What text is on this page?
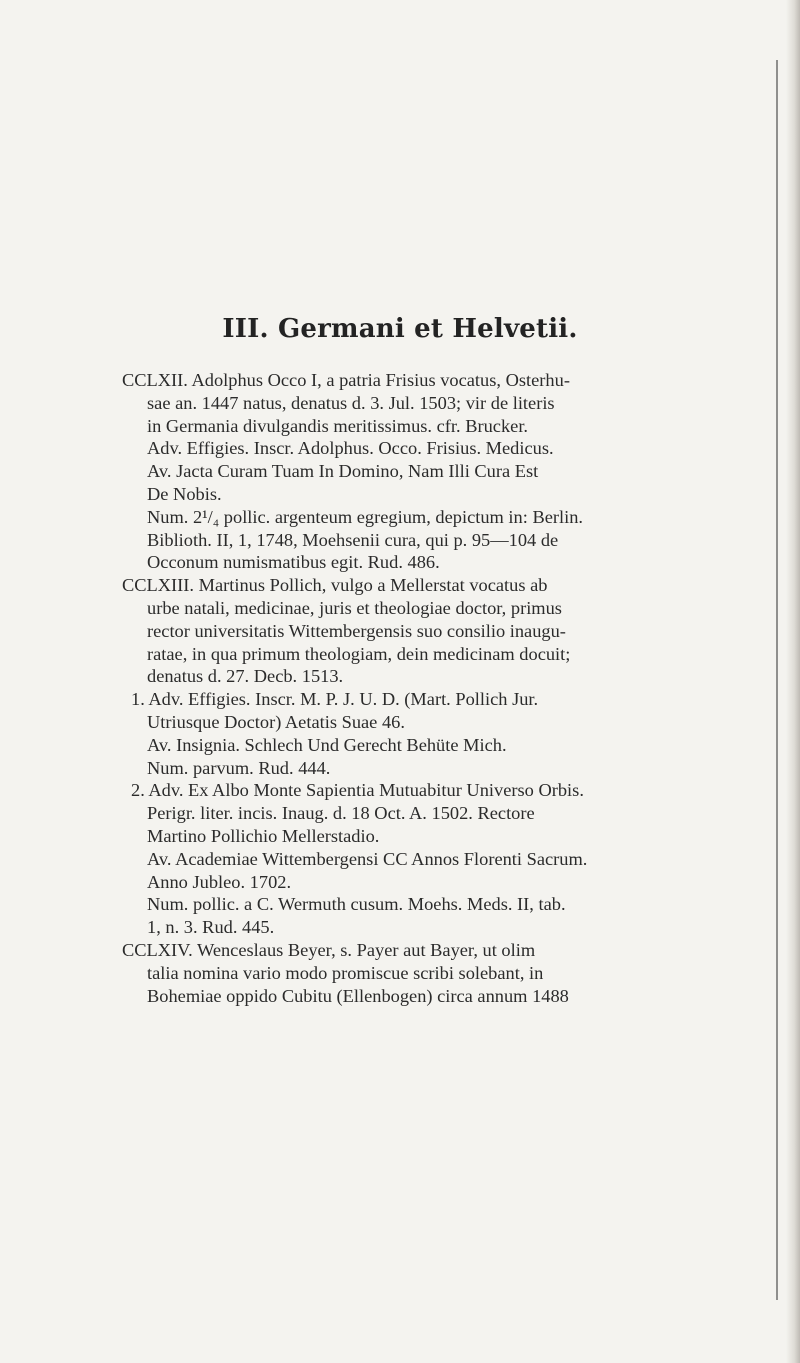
III. Germani et Helvetii.
CCLXII. Adolphus Occo I, a patria Frisius vocatus, Osterhu-
sae an. 1447 natus, denatus d. 3. Jul. 1503; vir de literis
in Germania divulgandis meritissimus. cfr. Brucker.
Adv. Effigies. Inscr. Adolphus. Occo. Frisius. Medicus.
Av. Jacta Curam Tuam In Domino, Nam Illi Cura Est
De Nobis.
Num. 2¹/₄ pollic. argenteum egregium, depictum in: Berlin.
Biblioth. II, 1, 1748, Moehsenii cura, qui p. 95—104 de
Occonum numismatibus egit. Rud. 486.
CCLXIII. Martinus Pollich, vulgo a Mellerstat vocatus ab
urbe natali, medicinae, juris et theologiae doctor, primus
rector universitatis Wittembergensis suo consilio inaugu-
ratae, in qua primum theologiam, dein medicinam docuit;
denatus d. 27. Decb. 1513.
1. Adv. Effigies. Inscr. M. P. J. U. D. (Mart. Pollich Jur.
Utriusque Doctor) Aetatis Suae 46.
Av. Insignia. Schlech Und Gerecht Behüte Mich.
Num. parvum. Rud. 444.
2. Adv. Ex Albo Monte Sapientia Mutuabitur Universo Orbis.
Perigr. liter. incis. Inaug. d. 18 Oct. A. 1502. Rectore
Martino Pollichio Mellerstadio.
Av. Academiae Wittembergensi CC Annos Florenti Sacrum.
Anno Jubleo. 1702.
Num. pollic. a C. Wermuth cusum. Moehs. Meds. II, tab.
1, n. 3. Rud. 445.
CCLXIV. Wenceslaus Beyer, s. Payer aut Bayer, ut olim
talia nomina vario modo promiscue scribi solebant, in
Bohemiae oppido Cubitu (Ellenbogen) circa annum 1488
